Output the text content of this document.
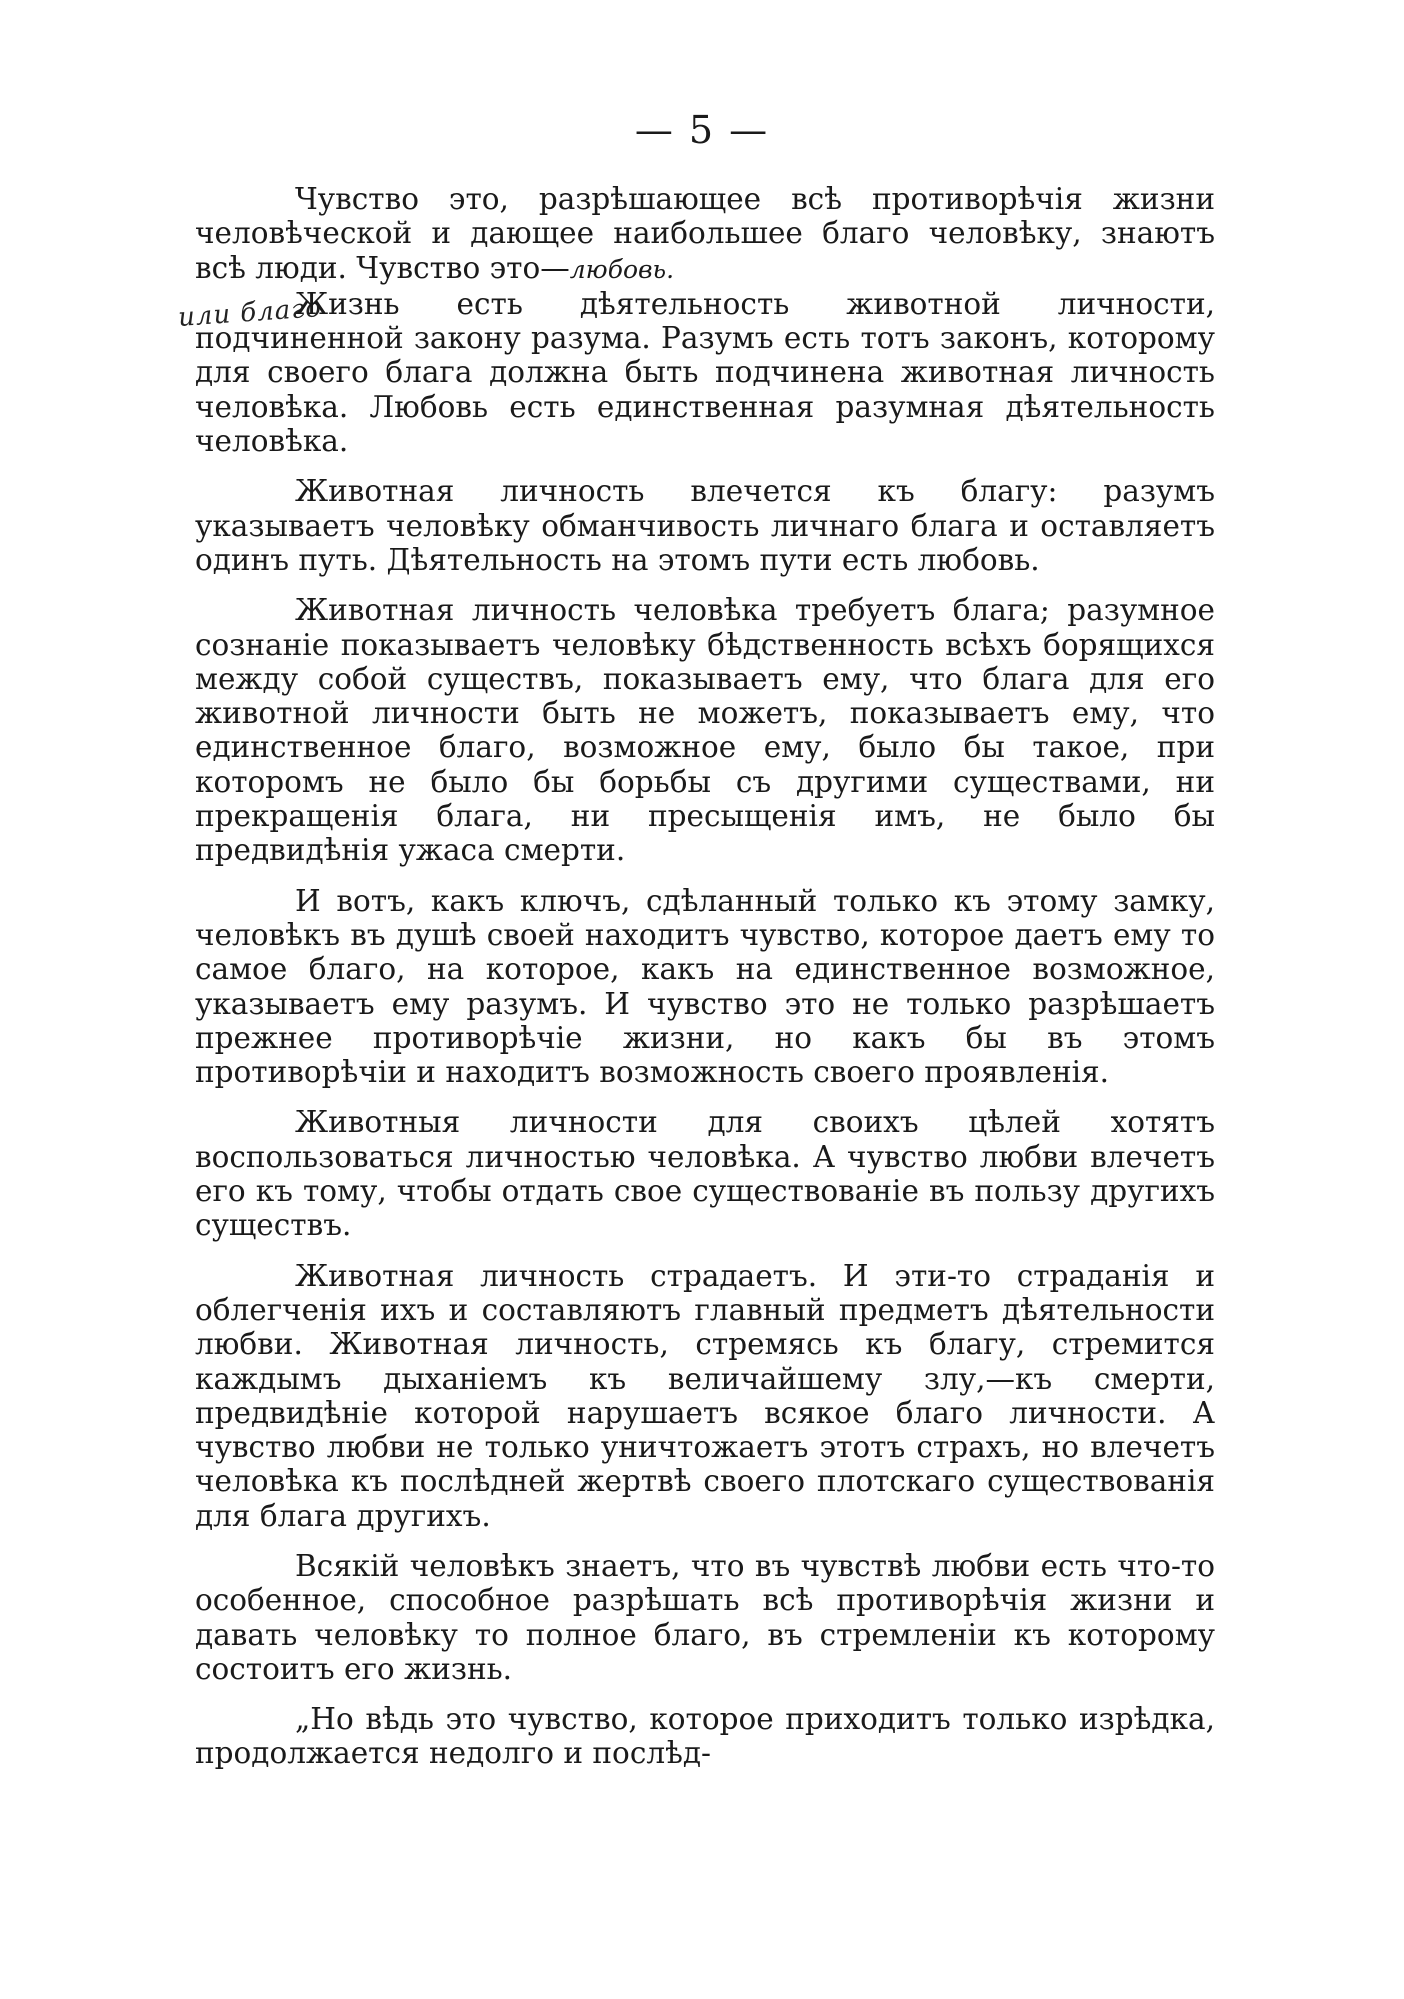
— 5 —
или благо

Чувство это, разрѣшающее всѣ противорѣчія жизни человѣческой и дающее наибольшее благо человѣку, знаютъ всѣ люди. Чувство это—любовь.

Жизнь есть дѣятельность животной личности, подчиненной закону разума. Разумъ есть тотъ законъ, которому для своего блага должна быть подчинена животная личность человѣка. Любовь есть единственная разумная дѣятельность человѣка.

Животная личность влечется къ благу: разумъ указываетъ человѣку обманчивость личнаго блага и оставляетъ одинъ путь. Дѣятельность на этомъ пути есть любовь.

Животная личность человѣка требуетъ блага; разумное сознаніе показываетъ человѣку бѣдственность всѣхъ борящихся между собой существъ, показываетъ ему, что блага для его животной личности быть не можетъ, показываетъ ему, что единственное благо, возможное ему, было бы такое, при которомъ не было бы борьбы съ другими существами, ни прекращенія блага, ни пресыщенія имъ, не было бы предвидѣнія ужаса смерти.

И вотъ, какъ ключъ, сдѣланный только къ этому замку, человѣкъ въ душѣ своей находитъ чувство, которое даетъ ему то самое благо, на которое, какъ на единственное возможное, указываетъ ему разумъ. И чувство это не только разрѣшаетъ прежнее противорѣчіе жизни, но какъ бы въ этомъ противорѣчіи и находитъ возможность своего проявленія.

Животныя личности для своихъ цѣлей хотятъ воспользоваться личностью человѣка. А чувство любви влечетъ его къ тому, чтобы отдать свое существованіе въ пользу другихъ существъ.

Животная личность страдаетъ. И эти-то страданія и облегченія ихъ и составляютъ главный предметъ дѣятельности любви. Животная личность, стремясь къ благу, стремится каждымъ дыханіемъ къ величайшему злу,—къ смерти, предвидѣніе которой нарушаетъ всякое благо личности. А чувство любви не только уничтожаетъ этотъ страхъ, но влечетъ человѣка къ послѣдней жертвѣ своего плотскаго существованія для блага другихъ.

Всякій человѣкъ знаетъ, что въ чувствѣ любви есть что-то особенное, способное разрѣшать всѣ противорѣчія жизни и давать человѣку то полное благо, въ стремленіи къ которому состоитъ его жизнь.

„Но вѣдь это чувство, которое приходитъ только изрѣдка, продолжается недолго и послѣд-
